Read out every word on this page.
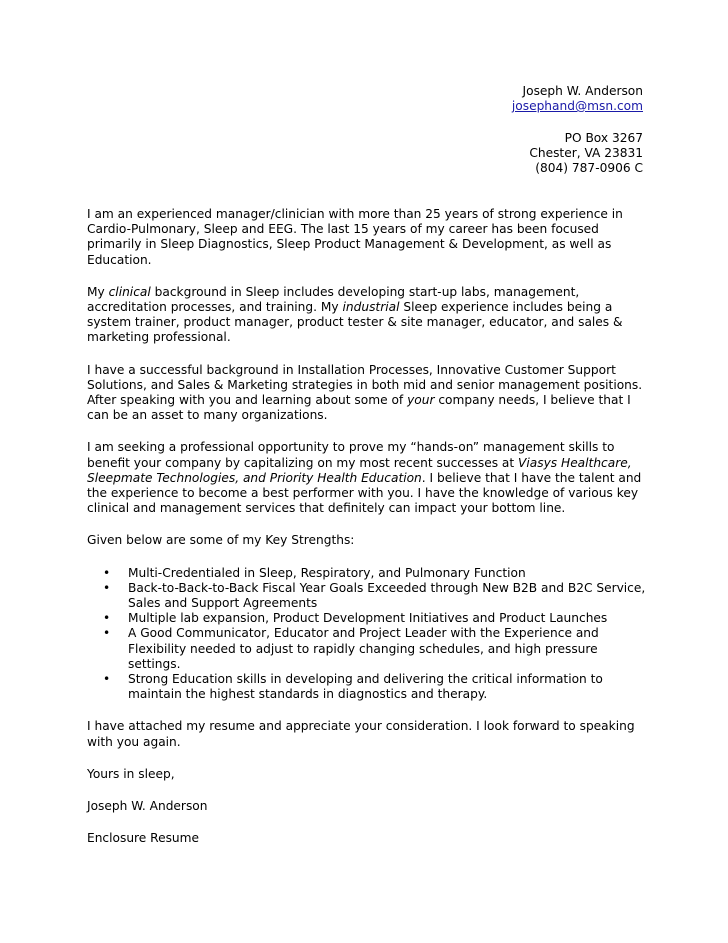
Joseph W. Anderson
josephand@msn.com
PO Box 3267
Chester, VA 23831
(804) 787-0906 C

I am an experienced manager/clinician with more than 25 years of strong experience in Cardio-Pulmonary, Sleep and EEG. The last 15 years of my career has been focused primarily in Sleep Diagnostics, Sleep Product Management & Development, as well as Education.

My clinical background in Sleep includes developing start-up labs, management, accreditation processes, and training. My industrial Sleep experience includes being a system trainer, product manager, product tester & site manager, educator, and sales & marketing professional.

I have a successful background in Installation Processes, Innovative Customer Support Solutions, and Sales & Marketing strategies in both mid and senior management positions. After speaking with you and learning about some of your company needs, I believe that I can be an asset to many organizations.

I am seeking a professional opportunity to prove my “hands-on” management skills to benefit your company by capitalizing on my most recent successes at Viasys Healthcare, Sleepmate Technologies, and Priority Health Education. I believe that I have the talent and the experience to become a best performer with you. I have the knowledge of various key clinical and management services that definitely can impact your bottom line.

Given below are some of my Key Strengths:

• Multi-Credentialed in Sleep, Respiratory, and Pulmonary Function
• Back-to-Back-to-Back Fiscal Year Goals Exceeded through New B2B and B2C Service, Sales and Support Agreements
• Multiple lab expansion, Product Development Initiatives and Product Launches
• A Good Communicator, Educator and Project Leader with the Experience and Flexibility needed to adjust to rapidly changing schedules, and high pressure settings.
• Strong Education skills in developing and delivering the critical information to maintain the highest standards in diagnostics and therapy.

I have attached my resume and appreciate your consideration. I look forward to speaking with you again.

Yours in sleep,

Joseph W. Anderson

Enclosure Resume
